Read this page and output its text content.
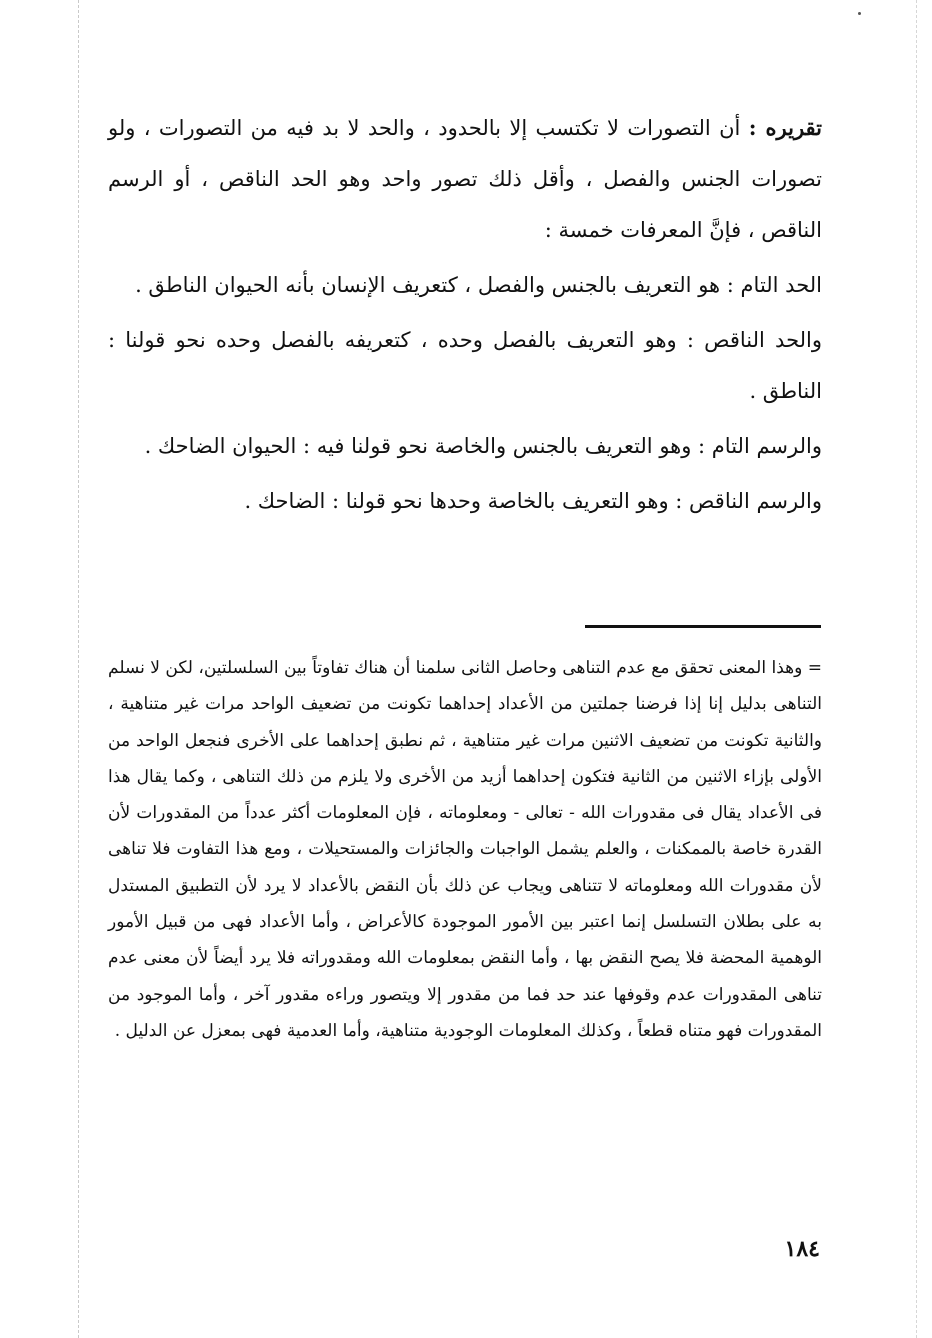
تقريره : أن التصورات لا تكتسب إلا بالحدود ، والحد لا بد فيه من التصورات ، ولو تصورات الجنس والفصل ، وأقل ذلك تصور واحد وهو الحد الناقص ، أو الرسم الناقص ، فإنَّ المعرفات خمسة :

الحد التام : هو التعريف بالجنس والفصل ، كتعريف الإنسان بأنه الحيوان الناطق .

والحد الناقص : وهو التعريف بالفصل وحده ، كتعريفه بالفصل وحده نحو قولنا : الناطق .

والرسم التام : وهو التعريف بالجنس والخاصة نحو قولنا فيه : الحيوان الضاحك .

والرسم الناقص : وهو التعريف بالخاصة وحدها نحو قولنا : الضاحك .

= وهذا المعنى تحقق مع عدم التناهى وحاصل الثانى سلمنا أن هناك تفاوتاً بين السلسلتين، لكن لا نسلم التناهى بدليل إنا إذا فرضنا جملتين من الأعداد إحداهما تكونت من تضعيف الواحد مرات غير متناهية ، والثانية تكونت من تضعيف الاثنين مرات غير متناهية ، ثم نطبق إحداهما على الأخرى فنجعل الواحد من الأولى بإزاء الاثنين من الثانية فتكون إحداهما أزيد من الأخرى ولا يلزم من ذلك التناهى ، وكما يقال هذا فى الأعداد يقال فى مقدورات الله - تعالى - ومعلوماته ، فإن المعلومات أكثر عدداً من المقدورات لأن القدرة خاصة بالممكنات ، والعلم يشمل الواجبات والجائزات والمستحيلات ، ومع هذا التفاوت فلا تناهى لأن مقدورات الله ومعلوماته لا تتناهى ويجاب عن ذلك بأن النقض بالأعداد لا يرد لأن التطبيق المستدل به على بطلان التسلسل إنما اعتبر بين الأمور الموجودة كالأعراض ، وأما الأعداد فهى من قبيل الأمور الوهمية المحضة فلا يصح النقض بها ، وأما النقض بمعلومات الله ومقدوراته فلا يرد أيضاً لأن معنى عدم تناهى المقدورات عدم وقوفها عند حد فما من مقدور إلا ويتصور وراءه مقدور آخر ، وأما الموجود من المقدورات فهو متناه قطعاً ، وكذلك المعلومات الوجودية متناهية، وأما العدمية فهى بمعزل عن الدليل .

١٨٤
